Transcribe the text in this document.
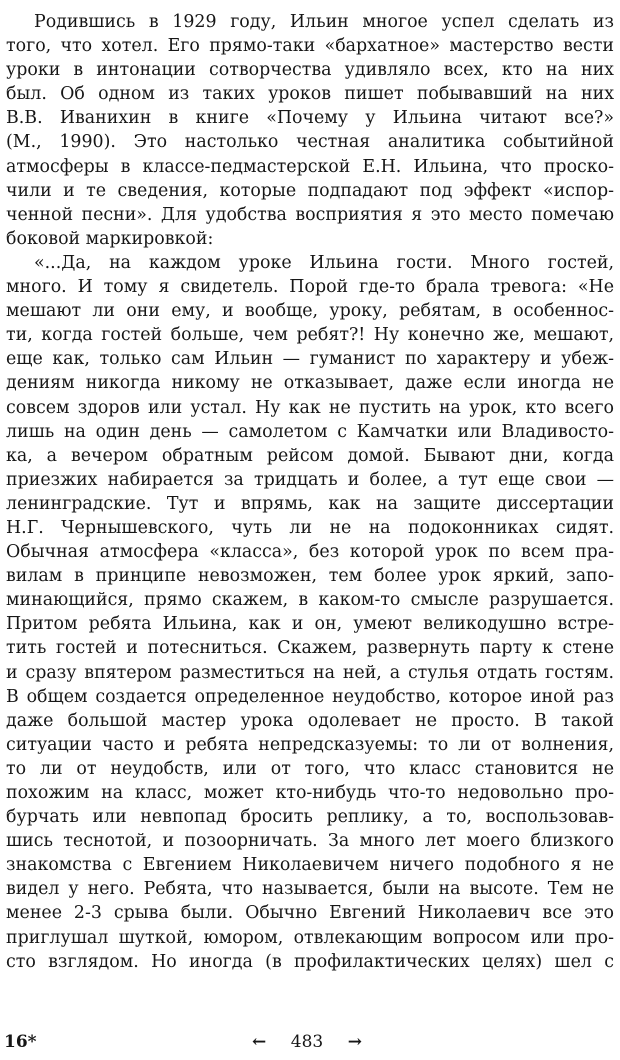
Родившись в 1929 году, Ильин многое успел сделать из
того, что хотел. Его прямо-таки «бархатное» мастерство вести
уроки в интонации сотворчества удивляло всех, кто на них
был. Об одном из таких уроков пишет побывавший на них
В.В. Иванихин в книге «Почему у Ильина читают все?»
(М., 1990). Это настолько честная аналитика событийной
атмосферы в классе-педмастерской Е.Н. Ильина, что проско-
чили и те сведения, которые подпадают под эффект «испор-
ченной песни». Для удобства восприятия я это место помечаю
боковой маркировкой:
«...Да, на каждом уроке Ильина гости. Много гостей,
много. И тому я свидетель. Порой где-то брала тревога: «Не
мешают ли они ему, и вообще, уроку, ребятам, в особеннос-
ти, когда гостей больше, чем ребят?! Ну конечно же, мешают,
еще как, только сам Ильин — гуманист по характеру и убеж-
дениям никогда никому не отказывает, даже если иногда не
совсем здоров или устал. Ну как не пустить на урок, кто всего
лишь на один день — самолетом с Камчатки или Владивосто-
ка, а вечером обратным рейсом домой. Бывают дни, когда
приезжих набирается за тридцать и более, а тут еще свои —
ленинградские. Тут и впрямь, как на защите диссертации
Н.Г. Чернышевского, чуть ли не на подоконниках сидят.
Обычная атмосфера «класса», без которой урок по всем пра-
вилам в принципе невозможен, тем более урок яркий, запо-
минающийся, прямо скажем, в каком-то смысле разрушается.
Притом ребята Ильина, как и он, умеют великодушно встре-
тить гостей и потесниться. Скажем, развернуть парту к стене
и сразу впятером разместиться на ней, а стулья отдать гостям.
В общем создается определенное неудобство, которое иной раз
даже большой мастер урока одолевает не просто. В такой
ситуации часто и ребята непредсказуемы: то ли от волнения,
то ли от неудобств, или от того, что класс становится не
похожим на класс, может кто-нибудь что-то недовольно про-
бурчать или невпопад бросить реплику, а то, воспользовав-
шись теснотой, и позоорничать. За много лет моего близкого
знакомства с Евгением Николаевичем ничего подобного я не
видел у него. Ребята, что называется, были на высоте. Тем не
менее 2-3 срыва были. Обычно Евгений Николаевич все это
приглушал шуткой, юмором, отвлекающим вопросом или про-
сто взглядом. Но иногда (в профилактических целях) шел с
16*	← 483 →
